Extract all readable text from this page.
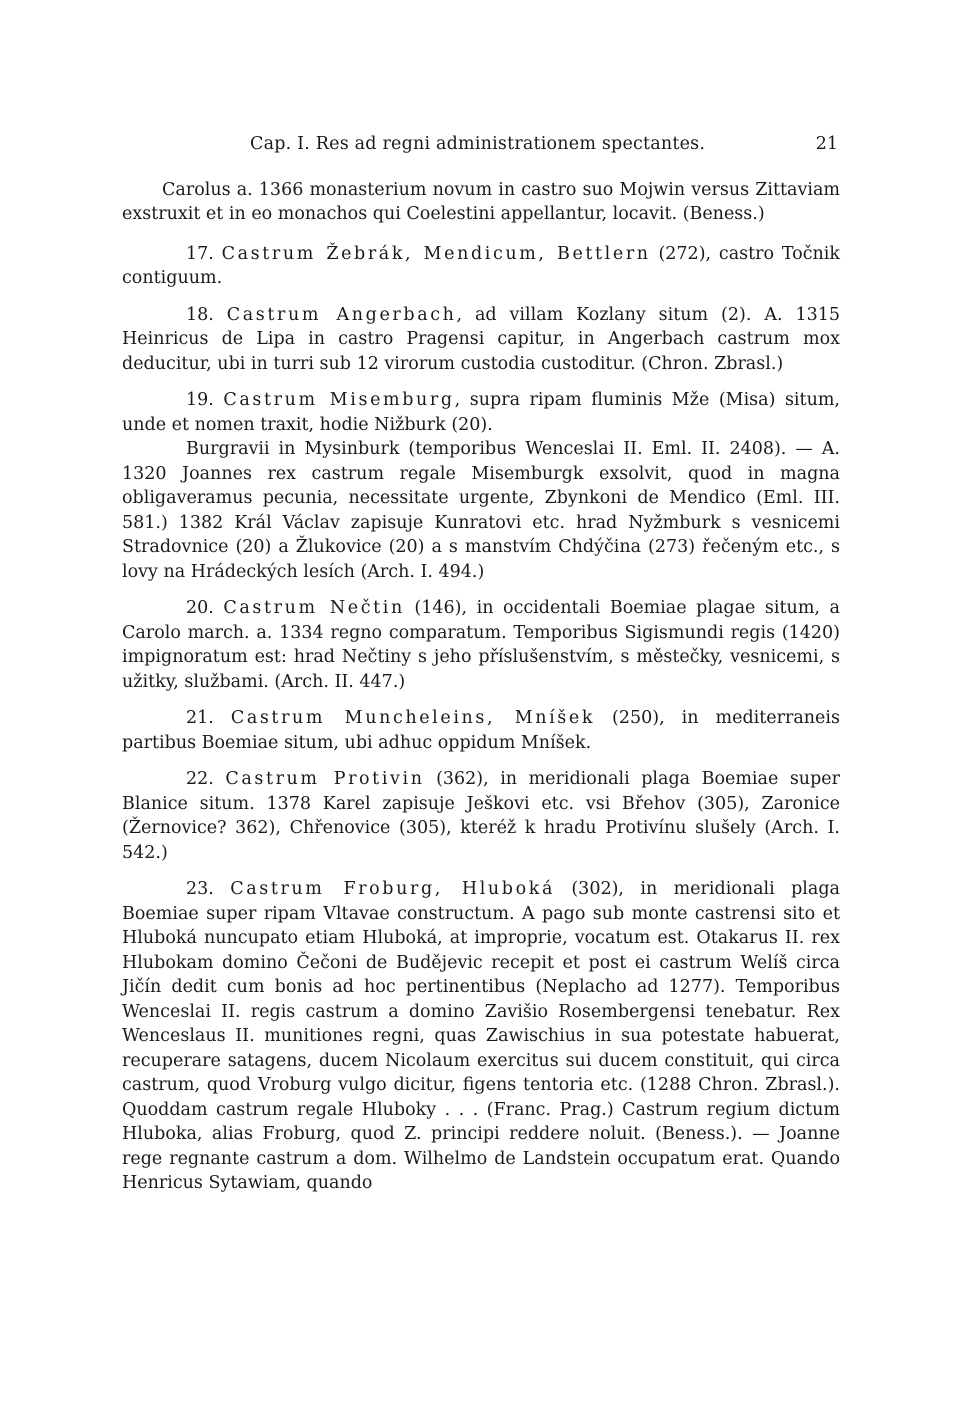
Cap. I. Res ad regni administrationem spectantes.	21

Carolus a. 1366 monasterium novum in castro suo Mojwin versus Zittaviam exstruxit et in eo monachos qui Coelestini appellantur, locavit. (Beness.)

17. Castrum Žebrák, Mendicum, Bettlern (272), castro Točnik contiguum.

18. Castrum Angerbach, ad villam Kozlany situm (2). A. 1315 Heinricus de Lipa in castro Pragensi capitur, in Angerbach castrum mox deducitur, ubi in turri sub 12 virorum custodia custoditur. (Chron. Zbrasl.)

19. Castrum Misemburg, supra ripam fluminis Mže (Misa) situm, unde et nomen traxit, hodie Nižburk (20).

Burgravii in Mysinburk (temporibus Wenceslai II. Eml. II. 2408). — A. 1320 Joannes rex castrum regale Misemburgk exsolvit, quod in magna obligaveramus pecunia, necessitate urgente, Zbynkoni de Mendico (Eml. III. 581.) 1382 Král Václav zapisuje Kunratovi etc. hrad Nyžmburk s vesnicemi Stradovnice (20) a Žlukovice (20) a s manstvím Chdýčina (273) řečeným etc., s lovy na Hrádeckých lesích (Arch. I. 494.)

20. Castrum Nečtin (146), in occidentali Boemiae plagae situm, a Carolo march. a. 1334 regno comparatum. Temporibus Sigismundi regis (1420) impignoratum est: hrad Nečtiny s jeho příslušenstvím, s městečky, vesnicemi, s užitky, službami. (Arch. II. 447.)

21. Castrum Muncheleins, Mníšek (250), in mediterraneis partibus Boemiae situm, ubi adhuc oppidum Mníšek.

22. Castrum Protivin (362), in meridionali plaga Boemiae super Blanice situm. 1378 Karel zapisuje Ješkovi etc. vsi Břehov (305), Zaronice (Žernovice? 362), Chřenovice (305), kteréž k hradu Protivínu slušely (Arch. I. 542.)

23. Castrum Froburg, Hluboká (302), in meridionali plaga Boemiae super ripam Vltavae constructum. A pago sub monte castrensi sito et Hluboká nuncupato etiam Hluboká, at improprie, vocatum est. Otakarus II. rex Hlubokam domino Čečoni de Budějevic recepit et post ei castrum Welíš circa Jičín dedit cum bonis ad hoc pertinentibus (Neplacho ad 1277). Temporibus Wenceslai II. regis castrum a domino Zavišio Rosembergensi tenebatur. Rex Wenceslaus II. munitiones regni, quas Zawischius in sua potestate habuerat, recuperare satagens, ducem Nicolaum exercitus sui ducem constituit, qui circa castrum, quod Vroburg vulgo dicitur, figens tentoria etc. (1288 Chron. Zbrasl.). Quoddam castrum regale Hluboky . . . (Franc. Prag.) Castrum regium dictum Hluboka, alias Froburg, quod Z. principi reddere noluit. (Beness.). — Joanne rege regnante castrum a dom. Wilhelmo de Landstein occupatum erat. Quando Henricus Sytawiam, quando
